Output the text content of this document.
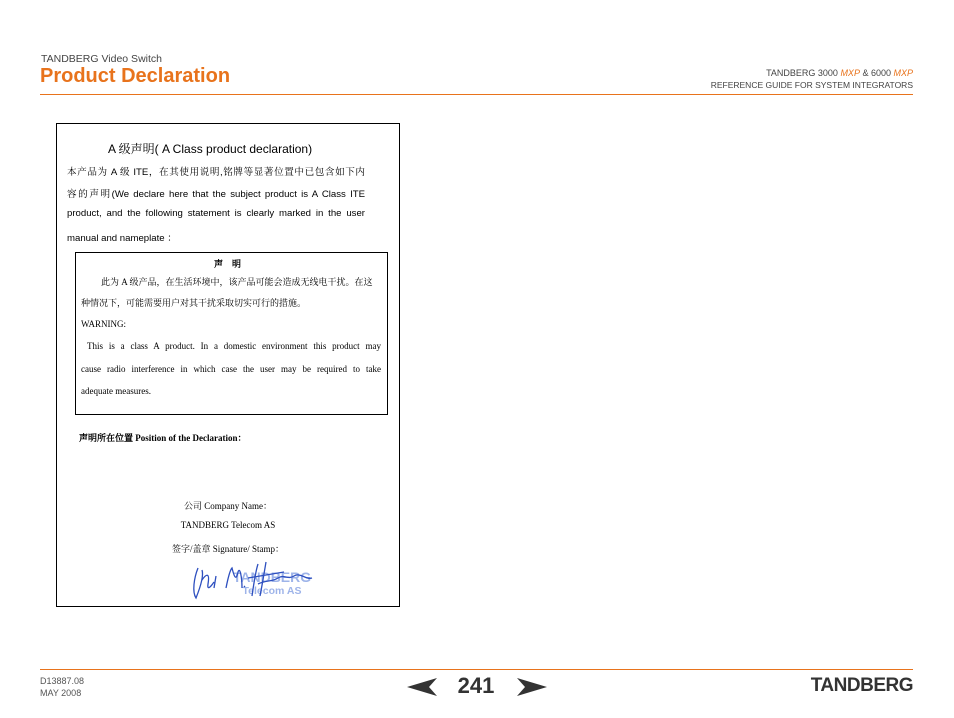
TANDBERG Video Switch
Product Declaration	TANDBERG 3000 MXP & 6000 MXP
REFERENCE GUIDE FOR SYSTEM INTEGRATORS
A 级声明( A Class product declaration)
本产品为 A 级 ITE，在其使用说明,铭牌等显著位置中已包含如下内
容的声明(We declare here that the subject product is A Class ITE
product, and the following statement is clearly marked in the user
manual and nameplate ：
声    明
此为 A 级产品，在生活环境中，该产品可能会造成无线电干扰。在这
种情况下，可能需要用户对其干扰采取切实可行的措施。
WARNING:
This is a class A product. In a domestic environment this product may
cause radio interference in which case the user may be required to take
adequate measures.
声明所在位置 Position of the Declaration：
公司 Company Name：
TANDBERG Telecom AS
签字/盖章 Signature/ Stamp：
TANDBERG
Telecom AS
D13887.08
MAY 2008	241	TANDBERG
